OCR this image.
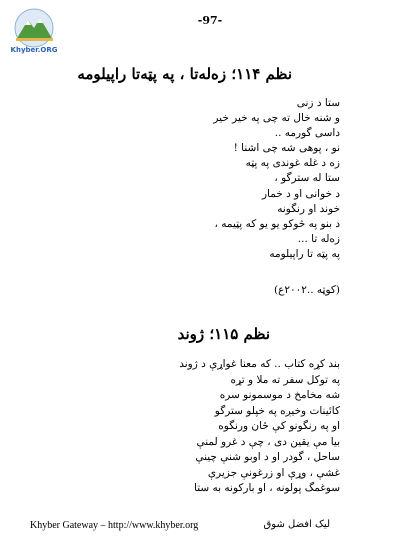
-97-
Khyber.ORG
نظم ۱۱۴؛ زه‌له‌تا ، په‌ پټه‌تا راپيلومه
ستا د زنی
و شنه خال ته چی په خير خير
داسی گورمه ..
نو ، پوهی شه چی اشنا !
زه د غله غوندی په پټه
ستا له سترگو ،
د خوانی او د خمار
خوند او رنگونه
د بنو په څوکو يو يو که پټيمه ،
زه‌له تا ...
په پټه تا راپيلومه
(کوټه ..۲۰۰۲ع)
نظم ۱۱۵؛ ژوند
بند کړه کتاب .. که معنا غواړې د ژوند
په توکل سفر ته ملا و تړه
شه مخامخ د موسمونو سره
کائينات وخيږه په خپلو سترگو
او په رنگونو کې ځان ورنگوه
بيا مې يقين دی ، چې د غرو لمنې
ساحل ، گودر او د اوبو شنې چينې
غشې ، وړې او زرغونې جزيرې
سوغمگ پولونه ، او بارکونه به ستا
Khyber Gateway – http://www.khyber.org	ليک افضل شوق
